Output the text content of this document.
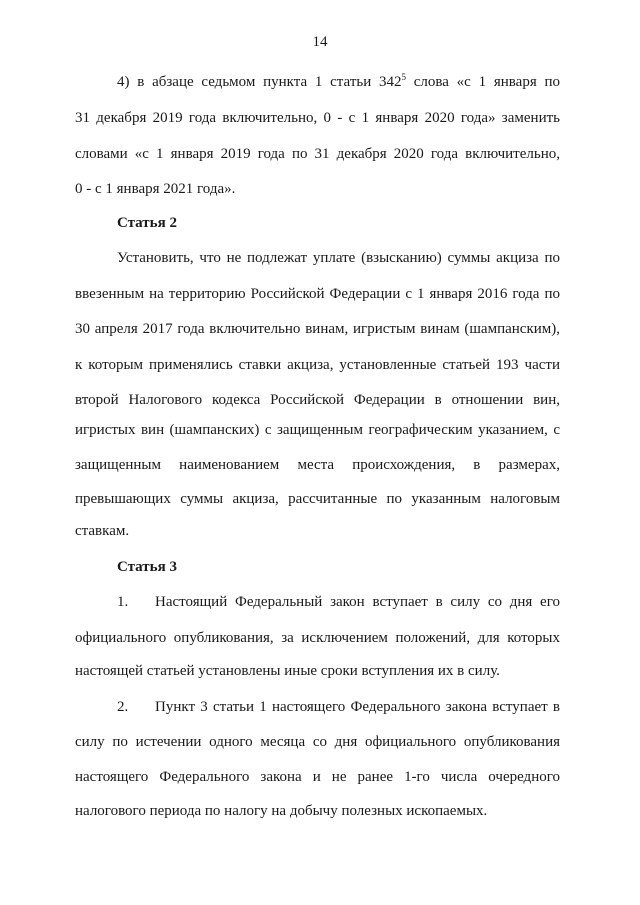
14
4) в абзаце седьмом пункта 1 статьи $342^5$ слова «с 1 января по
31 декабря 2019 года включительно, 0 - с 1 января 2020 года» заменить
словами «с 1 января 2019 года по 31 декабря 2020 года включительно,
0 - с 1 января 2021 года».
Статья 2
Установить, что не подлежат уплате (взысканию) суммы акциза по
ввезенным на территорию Российской Федерации с 1 января 2016 года по
30 апреля 2017 года включительно винам, игристым винам (шампанским),
к которым применялись ставки акциза, установленные статьей 193 части
второй Налогового кодекса Российской Федерации в отношении вин,
игристых вин (шампанских) с защищенным географическим указанием, с
защищенным наименованием места происхождения, в размерах,
превышающих суммы акциза, рассчитанные по указанным налоговым
ставкам.
Статья 3
1. Настоящий Федеральный закон вступает в силу со дня его
официального опубликования, за исключением положений, для которых
настоящей статьей установлены иные сроки вступления их в силу.
2. Пункт 3 статьи 1 настоящего Федерального закона вступает в
силу по истечении одного месяца со дня официального опубликования
настоящего Федерального закона и не ранее 1-го числа очередного
налогового периода по налогу на добычу полезных ископаемых.
